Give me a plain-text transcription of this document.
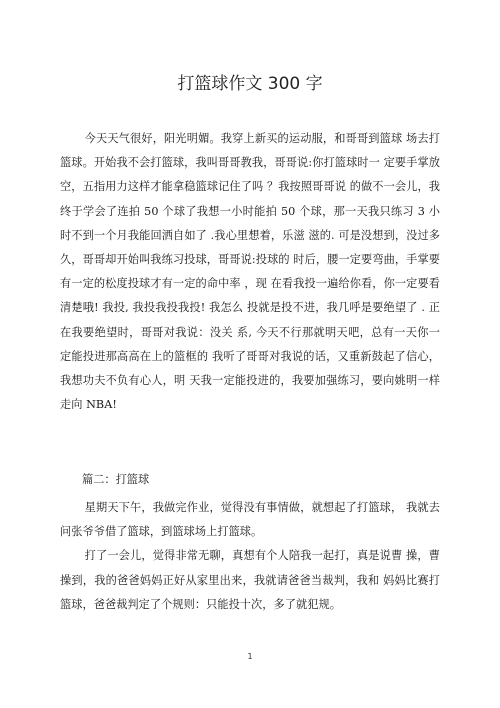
打篮球作文 300 字

今天天气很好，阳光明媚。我穿上新买的运动服，和哥哥到篮球 场去打篮球。开始我不会打篮球，我叫哥哥教我，哥哥说:你打篮球时一 定要手掌放空，五指用力这样才能拿稳篮球记住了吗 ？我按照哥哥说 的做不一会儿，我终于学会了连拍 50 个球了我想一小时能拍 50 个球，那一天我只练习 3 小时不到一个月我能回洒自如了 .我心里想着，乐滋 滋的. 可是没想到，没过多久，哥哥却开始叫我练习投球，哥哥说:投球的 时后，腰一定要弯曲，手掌要有一定的松度投球才有一定的命中率 ，现 在看我投一遍给你看，你一定要看清楚哦! 我投, 我投我投我投! 我怎么 投就是投不进，我几呼是要绝望了 . 正在我要绝望时，哥哥对我说：没关 系, 今天不行那就明天吧，总有一天你一定能投进那高高在上的篮框的 我听了哥哥对我说的话，又重新鼓起了信心，我想功夫不负有心人，明 天我一定能投进的，我要加强练习，要向姚明一样走向 NBA!

篇二：打篮球

星期天下午，我做完作业，觉得没有事情做，就想起了打篮球， 我就去问张爷爷借了篮球，到篮球场上打篮球。

打了一会儿，觉得非常无聊，真想有个人陪我一起打，真是说曹 操，曹操到，我的爸爸妈妈正好从家里出来，我就请爸爸当裁判，我和 妈妈比赛打篮球，爸爸裁判定了个规则：只能投十次，多了就犯规。

1
